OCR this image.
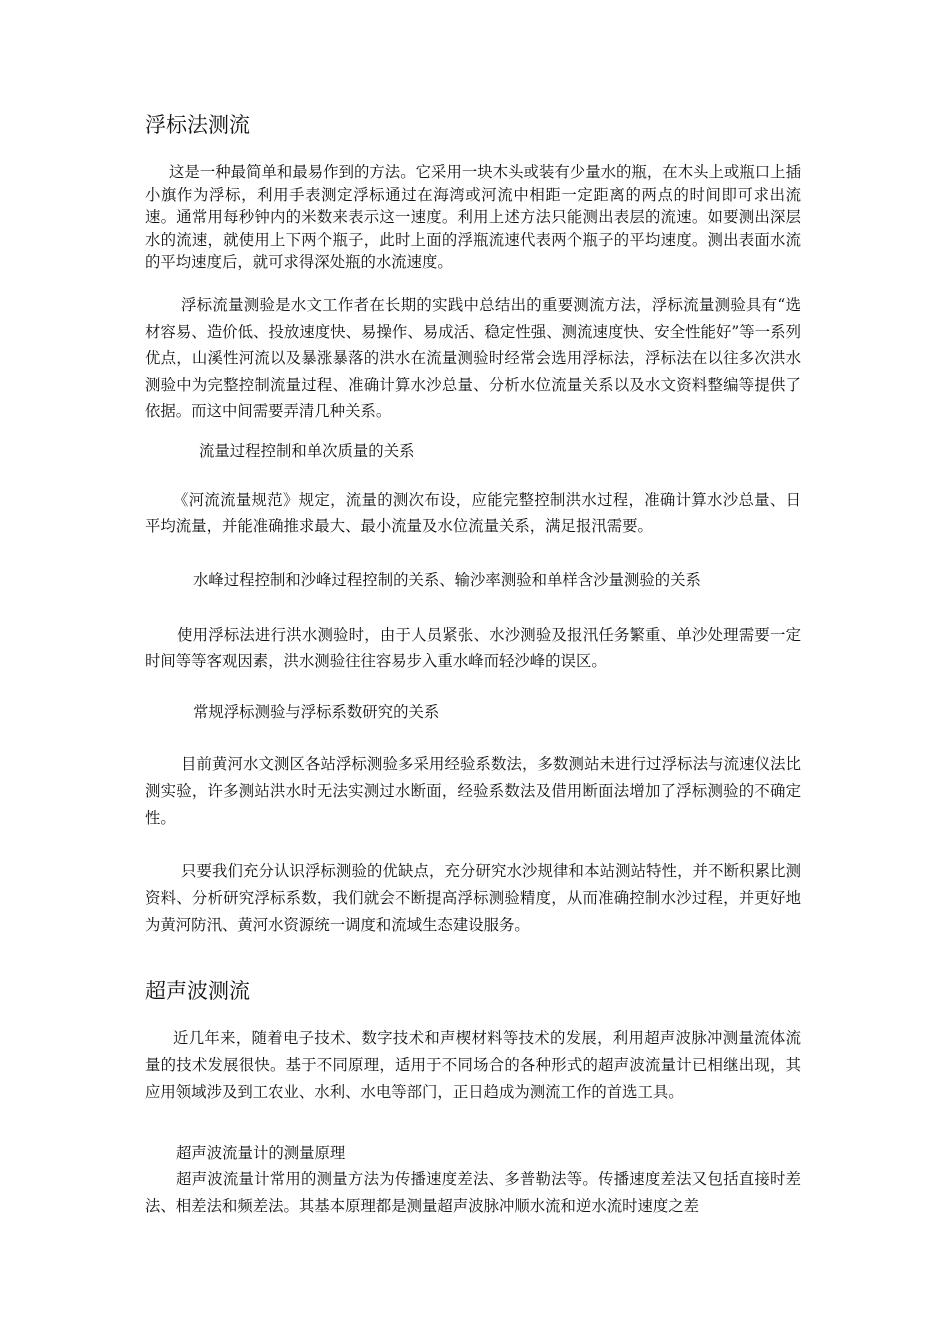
浮标法测流

这是一种最简单和最易作到的方法。它采用一块木头或装有少量水的瓶，在木头上或瓶口上插小旗作为浮标，利用手表测定浮标通过在海湾或河流中相距一定距离的两点的时间即可求出流速。通常用每秒钟内的米数来表示这一速度。利用上述方法只能测出表层的流速。如要测出深层水的流速，就使用上下两个瓶子，此时上面的浮瓶流速代表两个瓶子的平均速度。测出表面水流的平均速度后，就可求得深处瓶的水流速度。

浮标流量测验是水文工作者在长期的实践中总结出的重要测流方法，浮标流量测验具有“选材容易、造价低、投放速度快、易操作、易成活、稳定性强、测流速度快、安全性能好”等一系列优点，山溪性河流以及暴涨暴落的洪水在流量测验时经常会选用浮标法，浮标法在以往多次洪水测验中为完整控制流量过程、准确计算水沙总量、分析水位流量关系以及水文资料整编等提供了依据。而这中间需要弄清几种关系。

流量过程控制和单次质量的关系

《河流流量规范》规定，流量的测次布设，应能完整控制洪水过程，准确计算水沙总量、日平均流量，并能准确推求最大、最小流量及水位流量关系，满足报汛需要。

水峰过程控制和沙峰过程控制的关系、输沙率测验和单样含沙量测验的关系

使用浮标法进行洪水测验时，由于人员紧张、水沙测验及报汛任务繁重、单沙处理需要一定时间等等客观因素，洪水测验往往容易步入重水峰而轻沙峰的误区。

常规浮标测验与浮标系数研究的关系

目前黄河水文测区各站浮标测验多采用经验系数法，多数测站未进行过浮标法与流速仪法比测实验，许多测站洪水时无法实测过水断面，经验系数法及借用断面法增加了浮标测验的不确定性。

只要我们充分认识浮标测验的优缺点，充分研究水沙规律和本站测站特性，并不断积累比测资料、分析研究浮标系数，我们就会不断提高浮标测验精度，从而准确控制水沙过程，并更好地为黄河防汛、黄河水资源统一调度和流域生态建设服务。

超声波测流

近几年来，随着电子技术、数字技术和声楔材料等技术的发展，利用超声波脉冲测量流体流量的技术发展很快。基于不同原理，适用于不同场合的各种形式的超声波流量计已相继出现，其应用领域涉及到工农业、水利、水电等部门，正日趋成为测流工作的首选工具。

超声波流量计的测量原理

超声波流量计常用的测量方法为传播速度差法、多普勒法等。传播速度差法又包括直接时差法、相差法和频差法。其基本原理都是测量超声波脉冲顺水流和逆水流时速度之差
